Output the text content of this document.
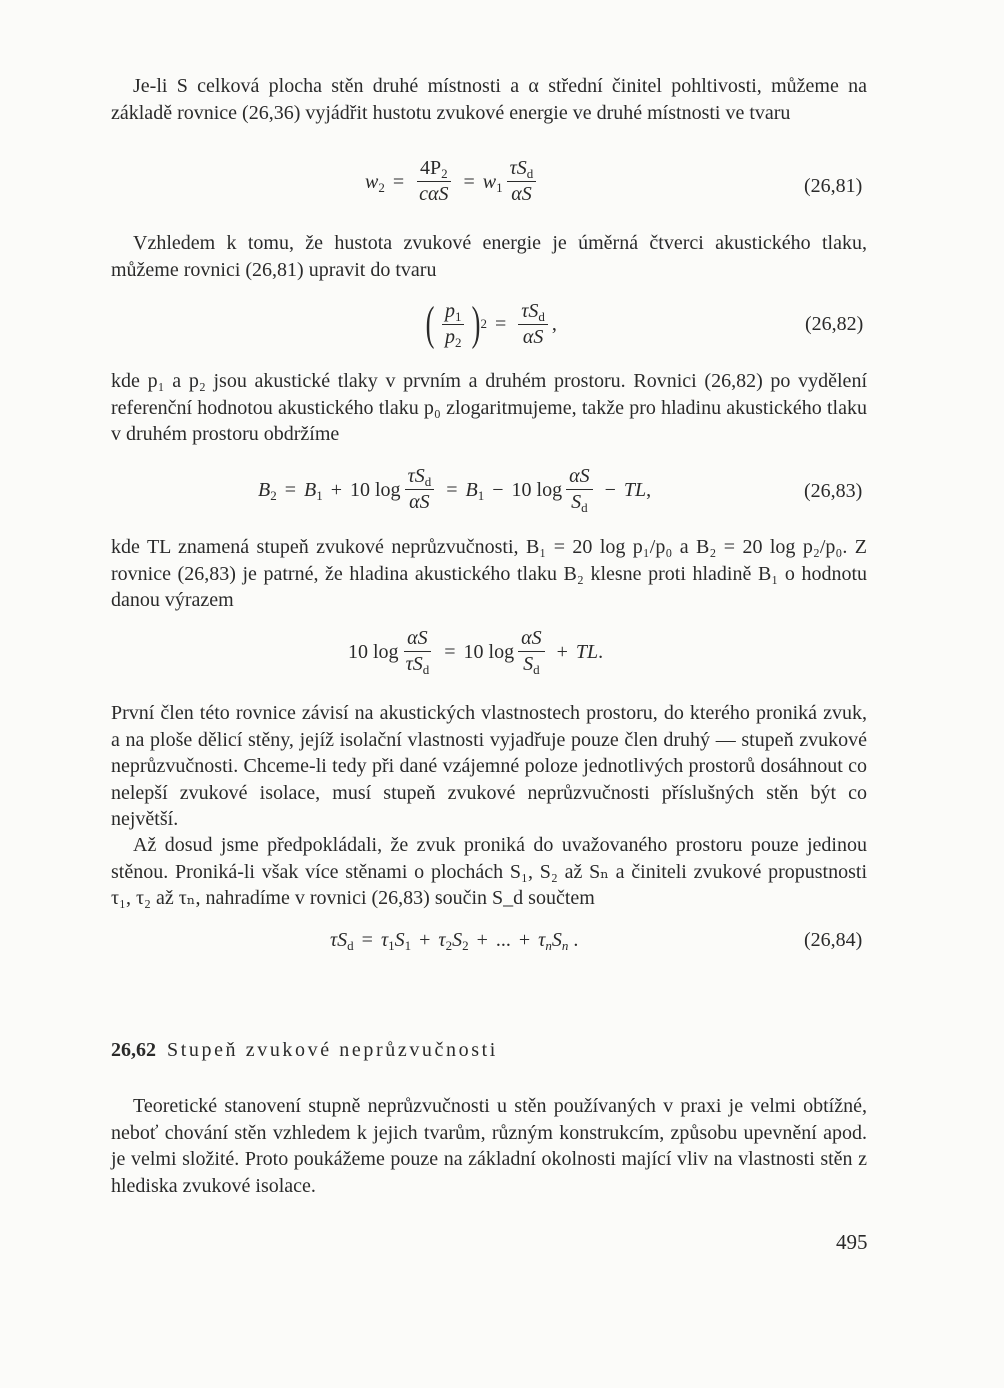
Je-li S celková plocha stěn druhé místnosti a α střední činitel pohltivosti, můžeme na základě rovnice (26,36) vyjádřit hustotu zvukové energie ve druhé místnosti ve tvaru

$w_2 = \frac{4P_2}{\text{cαS}} = w_1 \frac{\tau S_d}{\alpha S}$	(26,81)

Vzhledem k tomu, že hustota zvukové energie je úměrná čtverci akustického tlaku, můžeme rovnici (26,81) upravit do tvaru

( $\frac{p_1}{p_2}$ ) $2 = \frac{\tau S_d}{\alpha S}$ ,	(26,82)

kde p₁ a p₂ jsou akustické tlaky v prvním a druhém prostoru. Rovnici (26,82) po vydělení referenční hodnotou akustického tlaku p₀ zlogaritmujeme, takže pro hladinu akustického tlaku v druhém prostoru obdržíme

$B_2 = B_1 + 10$ $\log \frac{\tau S_d}{\alpha S} = B_1 - 10$ $\log \frac{\alpha S}{S_d}$ − TL ,	(26,83)

kde TL znamená stupeň zvukové neprůzvučnosti, B₁ = 20 log p₁/p₀ a B₂ = 20 log p₂/p₀. Z rovnice (26,83) je patrné, že hladina akustického tlaku B₂ klesne proti hladině B₁ o hodnotu danou výrazem

10 $\log \frac{\alpha S}{\tau S_d} = 10$ $\log \frac{\alpha S}{S_d}$ + TL .

První člen této rovnice závisí na akustických vlastnostech prostoru, do kterého proniká zvuk, a na ploše dělicí stěny, jejíž isolační vlastnosti vyjadřuje pouze člen druhý — stupeň zvukové neprůzvučnosti. Chceme-li tedy při dané vzájemné poloze jednotlivých prostorů dosáhnout co nelepší zvukové isolace, musí stupeň zvukové neprůzvučnosti příslušných stěn být co největší.

Až dosud jsme předpokládali, že zvuk proniká do uvažovaného prostoru pouze jedinou stěnou. Proniká-li však více stěnami o plochách S₁, S₂ až Sₙ a činiteli zvukové propustnosti τ₁, τ₂ až τₙ, nahradíme v rovnici (26,83) součin S_d součtem

$\tau S_d = \tau_1S_1 + \tau_2S_2$ + ... + $\tau_nS_n$ .	(26,84)
26,62 Stupeň zvukové neprůzvučnosti

Teoretické stanovení stupně neprůzvučnosti u stěn používaných v praxi je velmi obtížné, neboť chování stěn vzhledem k jejich tvarům, různým konstrukcím, způsobu upevnění apod. je velmi složité. Proto poukážeme pouze na základní okolnosti mající vliv na vlastnosti stěn z hlediska zvukové isolace.

495
